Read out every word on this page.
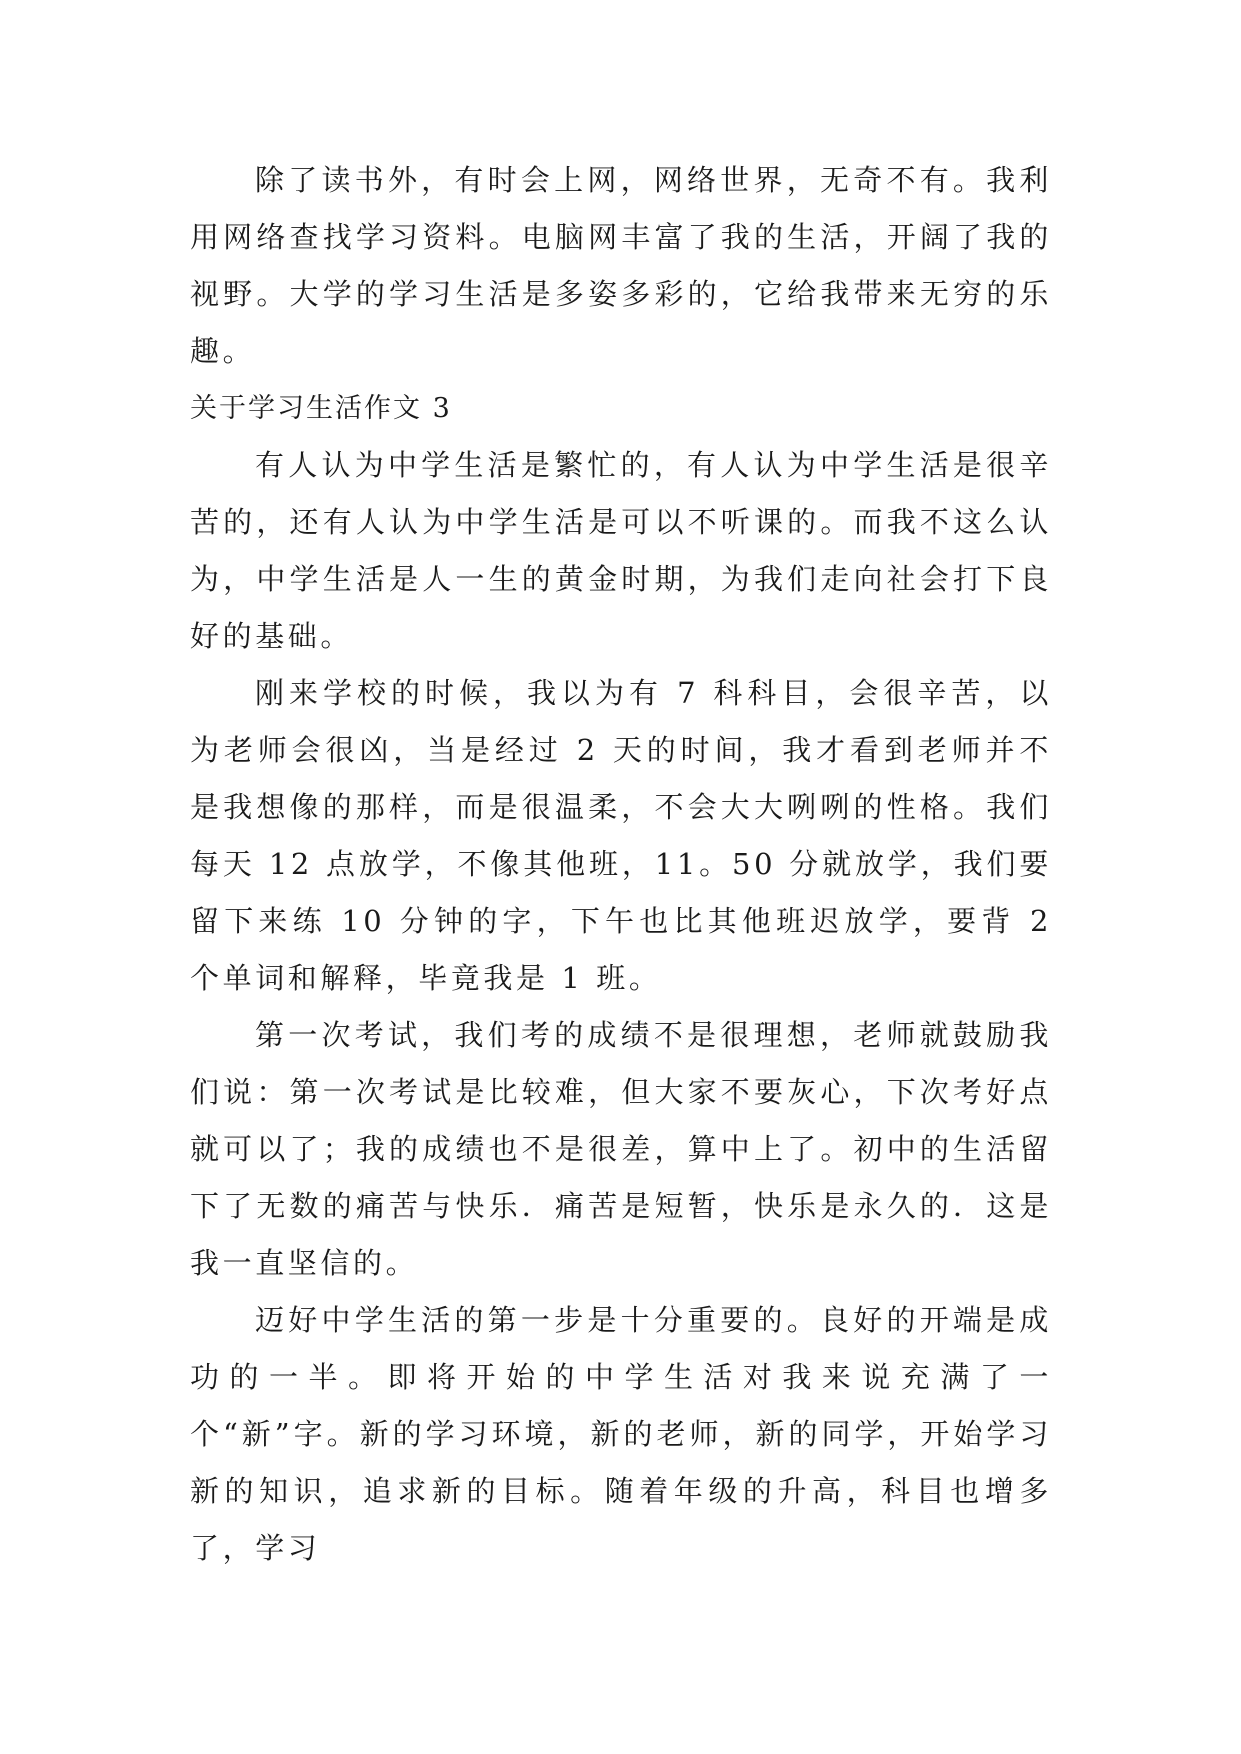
除了读书外，有时会上网，网络世界，无奇不有。我利用网络查找学习资料。电脑网丰富了我的生活，开阔了我的视野。大学的学习生活是多姿多彩的，它给我带来无穷的乐趣。

关于学习生活作文 3

有人认为中学生活是繁忙的，有人认为中学生活是很辛苦的，还有人认为中学生活是可以不听课的。而我不这么认为，中学生活是人一生的黄金时期，为我们走向社会打下良好的基础。

刚来学校的时候，我以为有 7 科科目，会很辛苦，以为老师会很凶，当是经过 2 天的时间，我才看到老师并不是我想像的那样，而是很温柔，不会大大咧咧的性格。我们每天 12 点放学，不像其他班，11。50 分就放学，我们要留下来练 10 分钟的字，下午也比其他班迟放学，要背 2 个单词和解释，毕竟我是 1 班。

第一次考试，我们考的成绩不是很理想，老师就鼓励我们说：第一次考试是比较难，但大家不要灰心，下次考好点就可以了；我的成绩也不是很差，算中上了。初中的生活留下了无数的痛苦与快乐．痛苦是短暂，快乐是永久的．这是我一直坚信的。

迈好中学生活的第一步是十分重要的。良好的开端是成功的一半。即将开始的中学生活对我来说充满了一个“新”字。新的学习环境，新的老师，新的同学，开始学习新的知识，追求新的目标。随着年级的升高，科目也增多了，学习
